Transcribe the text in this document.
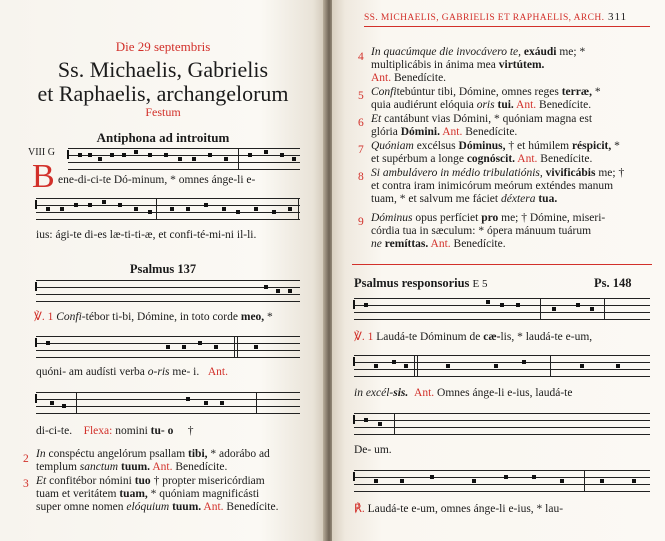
Die 29 septembris
Ss. Michaelis, Gabrielis
et Raphaelis, archangelorum
Festum
Antiphona ad introitum
VIII G
B ene-di-ci-te Dó-minum, * omnes ánge-li e-
ius: ági-te di-es læ-ti-ti-æ, et confi-té-mi-ni il-li.
Psalmus 137
℣. 1 Confi-tébor ti-bi, Dómine, in toto corde meo, *
quóni- am audísti verba o-ris me- i. Ant.
di-ci-te. Flexa: nomini tu- o †
2 In conspéctu angelórum psallam tibi, * adorábo ad
templum sanctum tuum. Ant. Benedícite.
3 Et confitébor nómini tuo † propter misericórdiam
tuam et veritátem tuam, * quóniam magnificásti
super omne nomen elóquium tuum. Ant. Benedícite.
SS. MICHAELIS, GABRIELIS ET RAPHAELIS, ARCH. 311
4 In quacúmque die invocávero te, exáudi me; *
multiplicábis in ánima mea virtútem.
Ant. Benedícite.
5 Confitebúntur tibi, Dómine, omnes reges terræ, *
quia audiérunt elóquia oris tui. Ant. Benedícite.
6 Et cantábunt vias Dómini, * quóniam magna est
glória Dómini. Ant. Benedícite.
7 Quóniam excélsus Dóminus, † et húmilem réspicit, *
et supérbum a longe cognóscit. Ant. Benedícite.
8 Si ambulávero in médio tribulatiónis, vivificábis me; †
et contra iram inimicórum meórum exténdes manum
tuam, * et salvum me fáciet déxtera tua.
9 Dóminus opus perfíciet pro me; † Dómine, miseri-
córdia tua in sæculum: * ópera mánuum tuárum
ne remíttas. Ant. Benedícite.
Psalmus responsorius E 5	Ps. 148
℣. 1 Laudá-te Dóminum de cæ-lis, * laudá-te e-um,
in excél-sis. Ant. Omnes ánge-li e-ius, laudá-te
De- um.
℟. Laudá-te e-um, omnes ánge-li e-ius, * lau-
